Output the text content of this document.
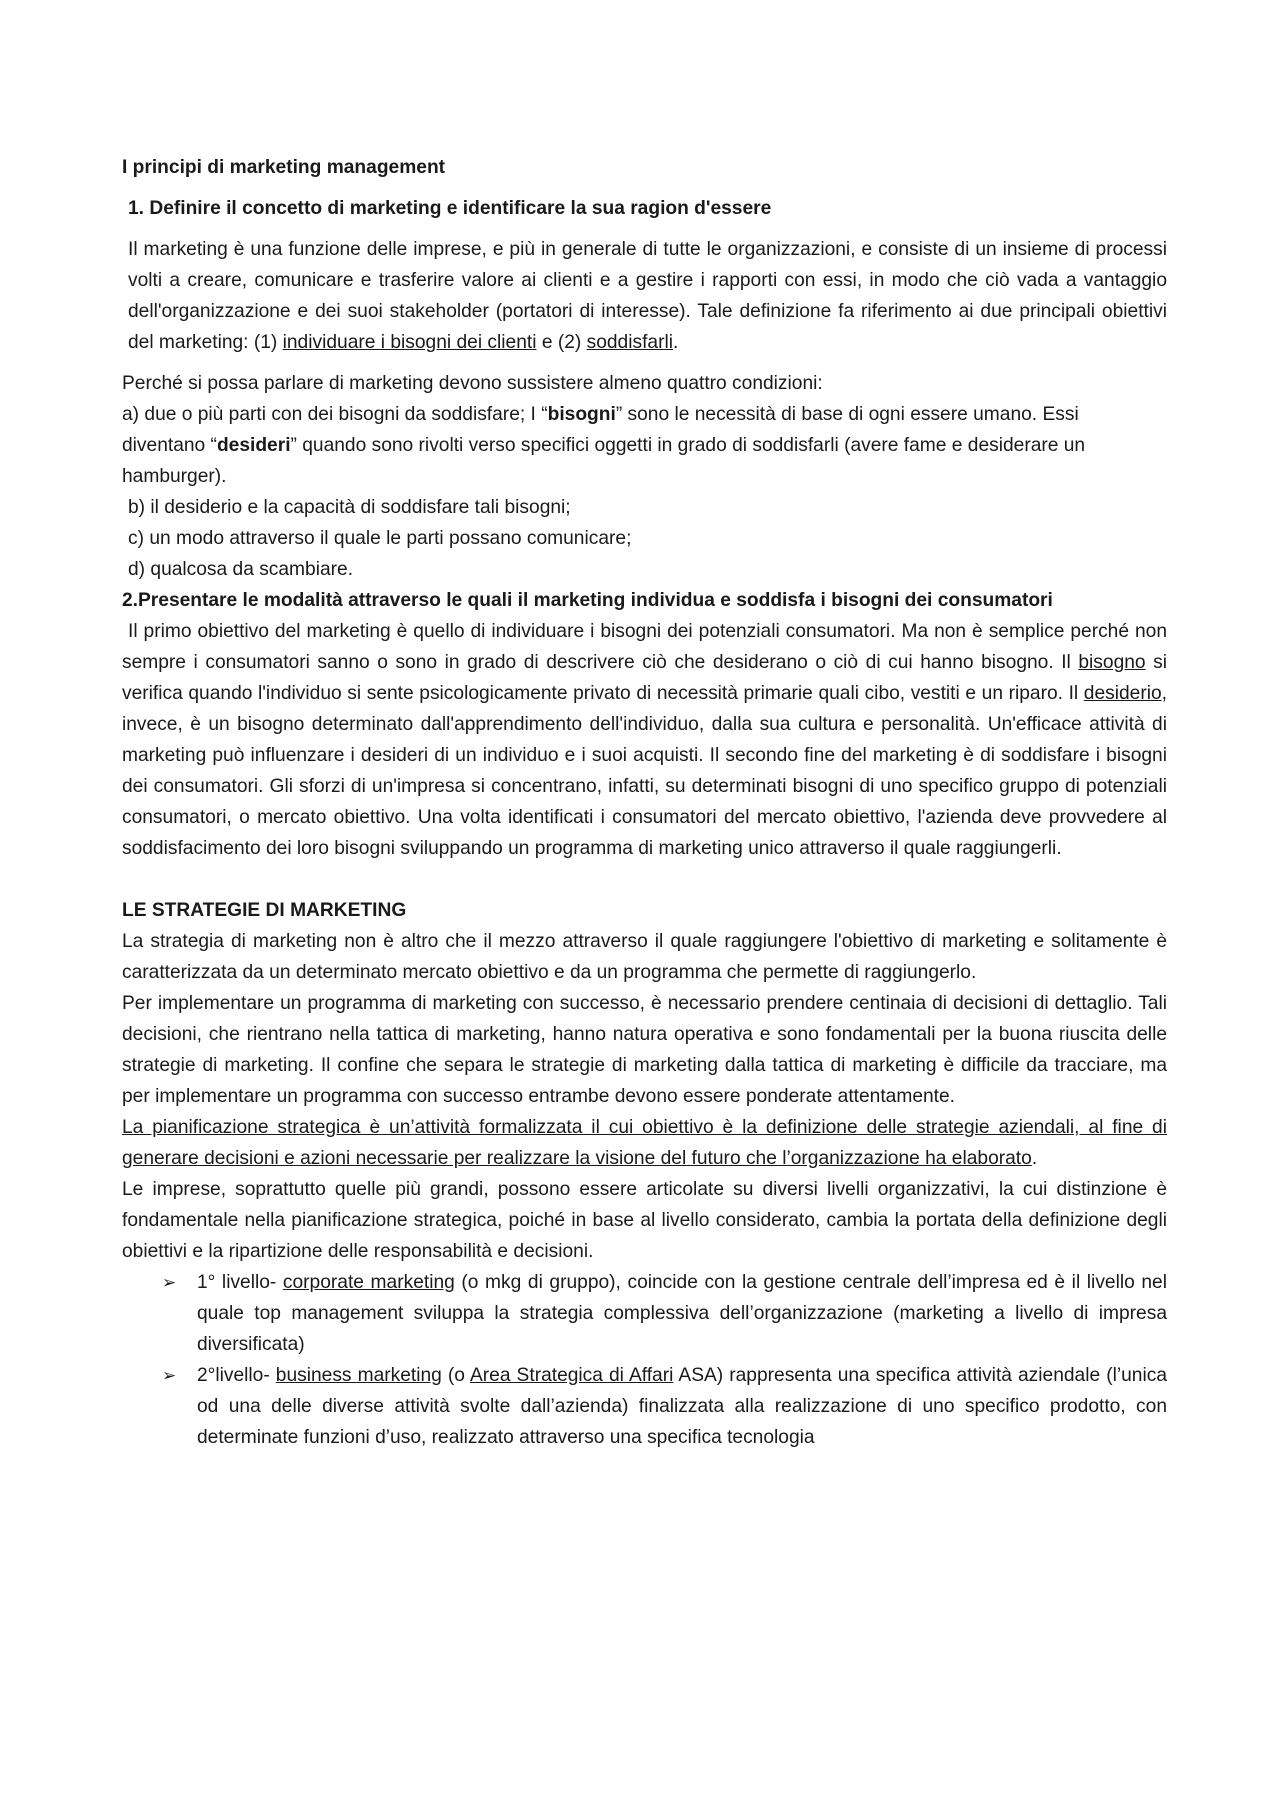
I principi di marketing management
1. Definire il concetto di marketing e identificare la sua ragion d'essere

Il marketing è una funzione delle imprese, e più in generale di tutte le organizzazioni, e consiste di un insieme di processi volti a creare, comunicare e trasferire valore ai clienti e a gestire i rapporti con essi, in modo che ciò vada a vantaggio dell'organizzazione e dei suoi stakeholder (portatori di interesse). Tale definizione fa riferimento ai due principali obiettivi del marketing: (1) individuare i bisogni dei clienti e (2) soddisfarli.

Perché si possa parlare di marketing devono sussistere almeno quattro condizioni:

a) due o più parti con dei bisogni da soddisfare; I “bisogni” sono le necessità di base di ogni essere umano. Essi diventano “desideri” quando sono rivolti verso specifici oggetti in grado di soddisfarli (avere fame e desiderare un hamburger).

b) il desiderio e la capacità di soddisfare tali bisogni;

c) un modo attraverso il quale le parti possano comunicare;

d) qualcosa da scambiare.

2.Presentare le modalità attraverso le quali il marketing individua e soddisfa i bisogni dei consumatori

Il primo obiettivo del marketing è quello di individuare i bisogni dei potenziali consumatori. Ma non è semplice perché non sempre i consumatori sanno o sono in grado di descrivere ciò che desiderano o ciò di cui hanno bisogno. Il bisogno si verifica quando l'individuo si sente psicologicamente privato di necessità primarie quali cibo, vestiti e un riparo. Il desiderio, invece, è un bisogno determinato dall'apprendimento dell'individuo, dalla sua cultura e personalità. Un'efficace attività di marketing può influenzare i desideri di un individuo e i suoi acquisti. Il secondo fine del marketing è di soddisfare i bisogni dei consumatori. Gli sforzi di un'impresa si concentrano, infatti, su determinati bisogni di uno specifico gruppo di potenziali consumatori, o mercato obiettivo. Una volta identificati i consumatori del mercato obiettivo, l'azienda deve provvedere al soddisfacimento dei loro bisogni sviluppando un programma di marketing unico attraverso il quale raggiungerli.

LE STRATEGIE DI MARKETING

La strategia di marketing non è altro che il mezzo attraverso il quale raggiungere l'obiettivo di marketing e solitamente è caratterizzata da un determinato mercato obiettivo e da un programma che permette di raggiungerlo.

Per implementare un programma di marketing con successo, è necessario prendere centinaia di decisioni di dettaglio. Tali decisioni, che rientrano nella tattica di marketing, hanno natura operativa e sono fondamentali per la buona riuscita delle strategie di marketing. Il confine che separa le strategie di marketing dalla tattica di marketing è difficile da tracciare, ma per implementare un programma con successo entrambe devono essere ponderate attentamente.

La pianificazione strategica è un’attività formalizzata il cui obiettivo è la definizione delle strategie aziendali, al fine di generare decisioni e azioni necessarie per realizzare la visione del futuro che l’organizzazione ha elaborato.

Le imprese, soprattutto quelle più grandi, possono essere articolate su diversi livelli organizzativi, la cui distinzione è fondamentale nella pianificazione strategica, poiché in base al livello considerato, cambia la portata della definizione degli obiettivi e la ripartizione delle responsabilità e decisioni.

➢ 1° livello- corporate marketing (o mkg di gruppo), coincide con la gestione centrale dell’impresa ed è il livello nel quale top management sviluppa la strategia complessiva dell’organizzazione (marketing a livello di impresa diversificata)
➢ 2°livello- business marketing (o Area Strategica di Affari ASA) rappresenta una specifica attività aziendale (l’unica od una delle diverse attività svolte dall’azienda) finalizzata alla realizzazione di uno specifico prodotto, con determinate funzioni d’uso, realizzato attraverso una specifica tecnologia
